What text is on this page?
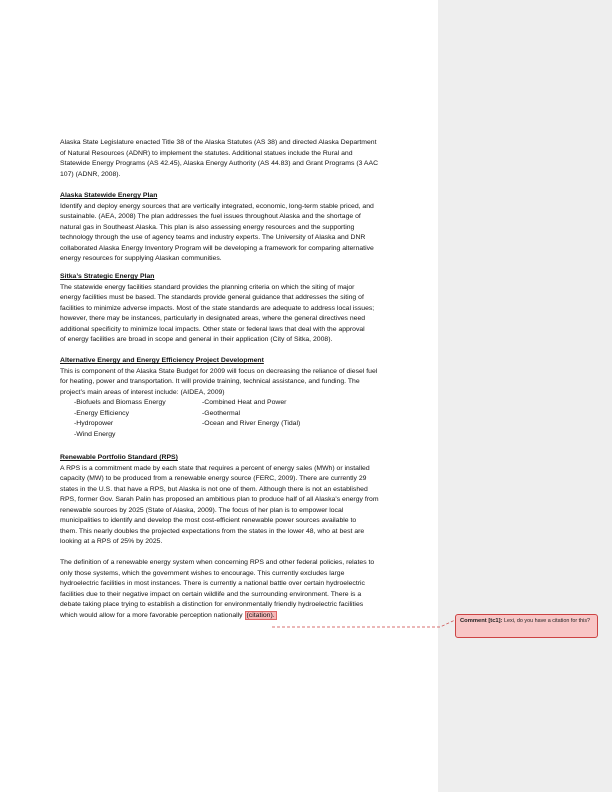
Alaska State Legislature enacted Title 38 of the Alaska Statutes (AS 38) and directed Alaska Department
of Natural Resources (ADNR) to implement the statutes. Additional statues include the Rural and
Statewide Energy Programs (AS 42.45), Alaska Energy Authority (AS 44.83) and Grant Programs (3 AAC
107) (ADNR, 2008).
Alaska Statewide Energy Plan
Identify and deploy energy sources that are vertically integrated, economic, long-term stable priced, and
sustainable. (AEA, 2008) The plan addresses the fuel issues throughout Alaska and the shortage of
natural gas in Southeast Alaska. This plan is also assessing energy resources and the supporting
technology through the use of agency teams and industry experts. The University of Alaska and DNR
collaborated Alaska Energy Inventory Program will be developing a framework for comparing alternative
energy resources for supplying Alaskan communities.
Sitka’s Strategic Energy Plan
The statewide energy facilities standard provides the planning criteria on which the siting of major
energy facilities must be based. The standards provide general guidance that addresses the siting of
facilities to minimize adverse impacts. Most of the state standards are adequate to address local issues;
however, there may be instances, particularly in designated areas, where the general directives need
additional specificity to minimize local impacts. Other state or federal laws that deal with the approval
of energy facilities are broad in scope and general in their application (City of Sitka, 2008).
Alternative Energy and Energy Efficiency Project Development
This is component of the Alaska State Budget for 2009 will focus on decreasing the reliance of diesel fuel
for heating, power and transportation. It will provide training, technical assistance, and funding. The
project’s main areas of interest include: (AIDEA, 2009)
-Biofuels and Biomass Energy	-Combined Heat and Power
-Energy Efficiency	-Geothermal
-Hydropower	-Ocean and River Energy (Tidal)
-Wind Energy
Renewable Portfolio Standard (RPS)
A RPS is a commitment made by each state that requires a percent of energy sales (MWh) or installed
capacity (MW) to be produced from a renewable energy source (FERC, 2009). There are currently 29
states in the U.S. that have a RPS, but Alaska is not one of them. Although there is not an established
RPS, former Gov. Sarah Palin has proposed an ambitious plan to produce half of all Alaska’s energy from
renewable sources by 2025 (State of Alaska, 2009). The focus of her plan is to empower local
municipalities to identify and develop the most cost-efficient renewable power sources available to
them. This nearly doubles the projected expectations from the states in the lower 48, who at best are
looking at a RPS of 25% by 2025.
The definition of a renewable energy system when concerning RPS and other federal policies, relates to
only those systems, which the government wishes to encourage. This currently excludes large
hydroelectric facilities in most instances. There is currently a national battle over certain hydroelectric
facilities due to their negative impact on certain wildlife and the surrounding environment. There is a
debate taking place trying to establish a distinction for environmentally friendly hydroelectric facilities
which would allow for a more favorable perception nationally (citation).
Comment [tc1]: Lexi, do you have a citation for this?
